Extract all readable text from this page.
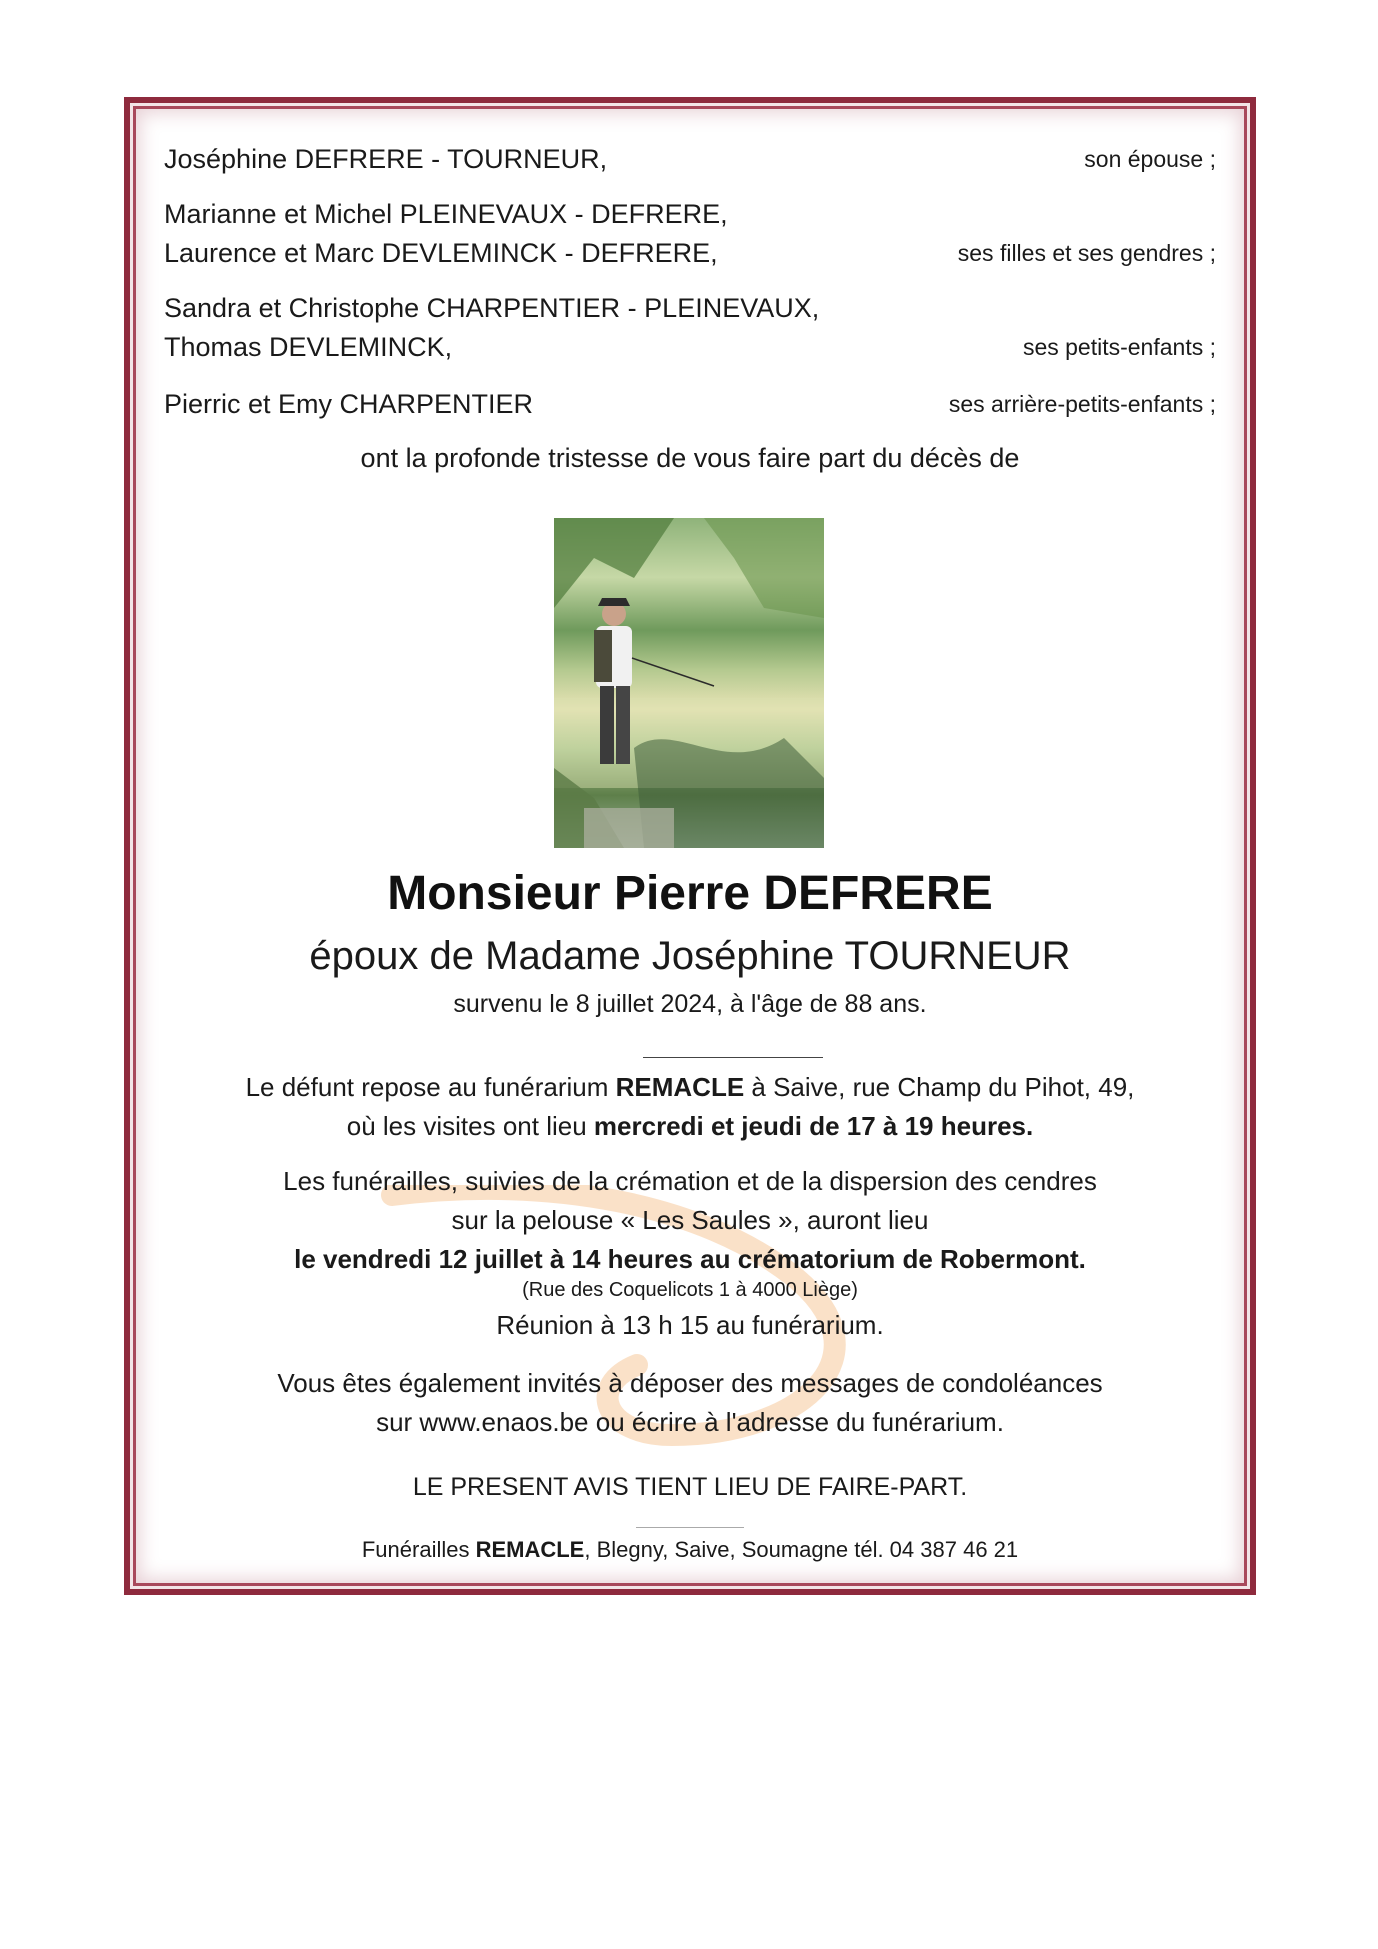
Joséphine DEFRERE - TOURNEUR,	son épouse ;
Marianne et Michel PLEINEVAUX - DEFRERE,
Laurence et Marc DEVLEMINCK - DEFRERE,	ses filles et ses gendres ;
Sandra et Christophe CHARPENTIER - PLEINEVAUX,
Thomas DEVLEMINCK,	ses petits-enfants ;
Pierric et Emy CHARPENTIER	ses arrière-petits-enfants ;
ont la profonde tristesse de vous faire part du décès de
Monsieur Pierre DEFRERE
époux de Madame Joséphine TOURNEUR
survenu le 8 juillet 2024, à l'âge de 88 ans.
Le défunt repose au funérarium REMACLE à Saive, rue Champ du Pihot, 49,
où les visites ont lieu mercredi et jeudi de 17 à 19 heures.
Les funérailles, suivies de la crémation et de la dispersion des cendres
sur la pelouse « Les Saules », auront lieu
le vendredi 12 juillet à 14 heures au crématorium de Robermont.
(Rue des Coquelicots 1 à 4000 Liège)
Réunion à 13 h 15 au funérarium.
Vous êtes également invités à déposer des messages de condoléances
sur www.enaos.be ou écrire à l'adresse du funérarium.
LE PRESENT AVIS TIENT LIEU DE FAIRE-PART.
Funérailles REMACLE, Blegny, Saive, Soumagne tél. 04 387 46 21
